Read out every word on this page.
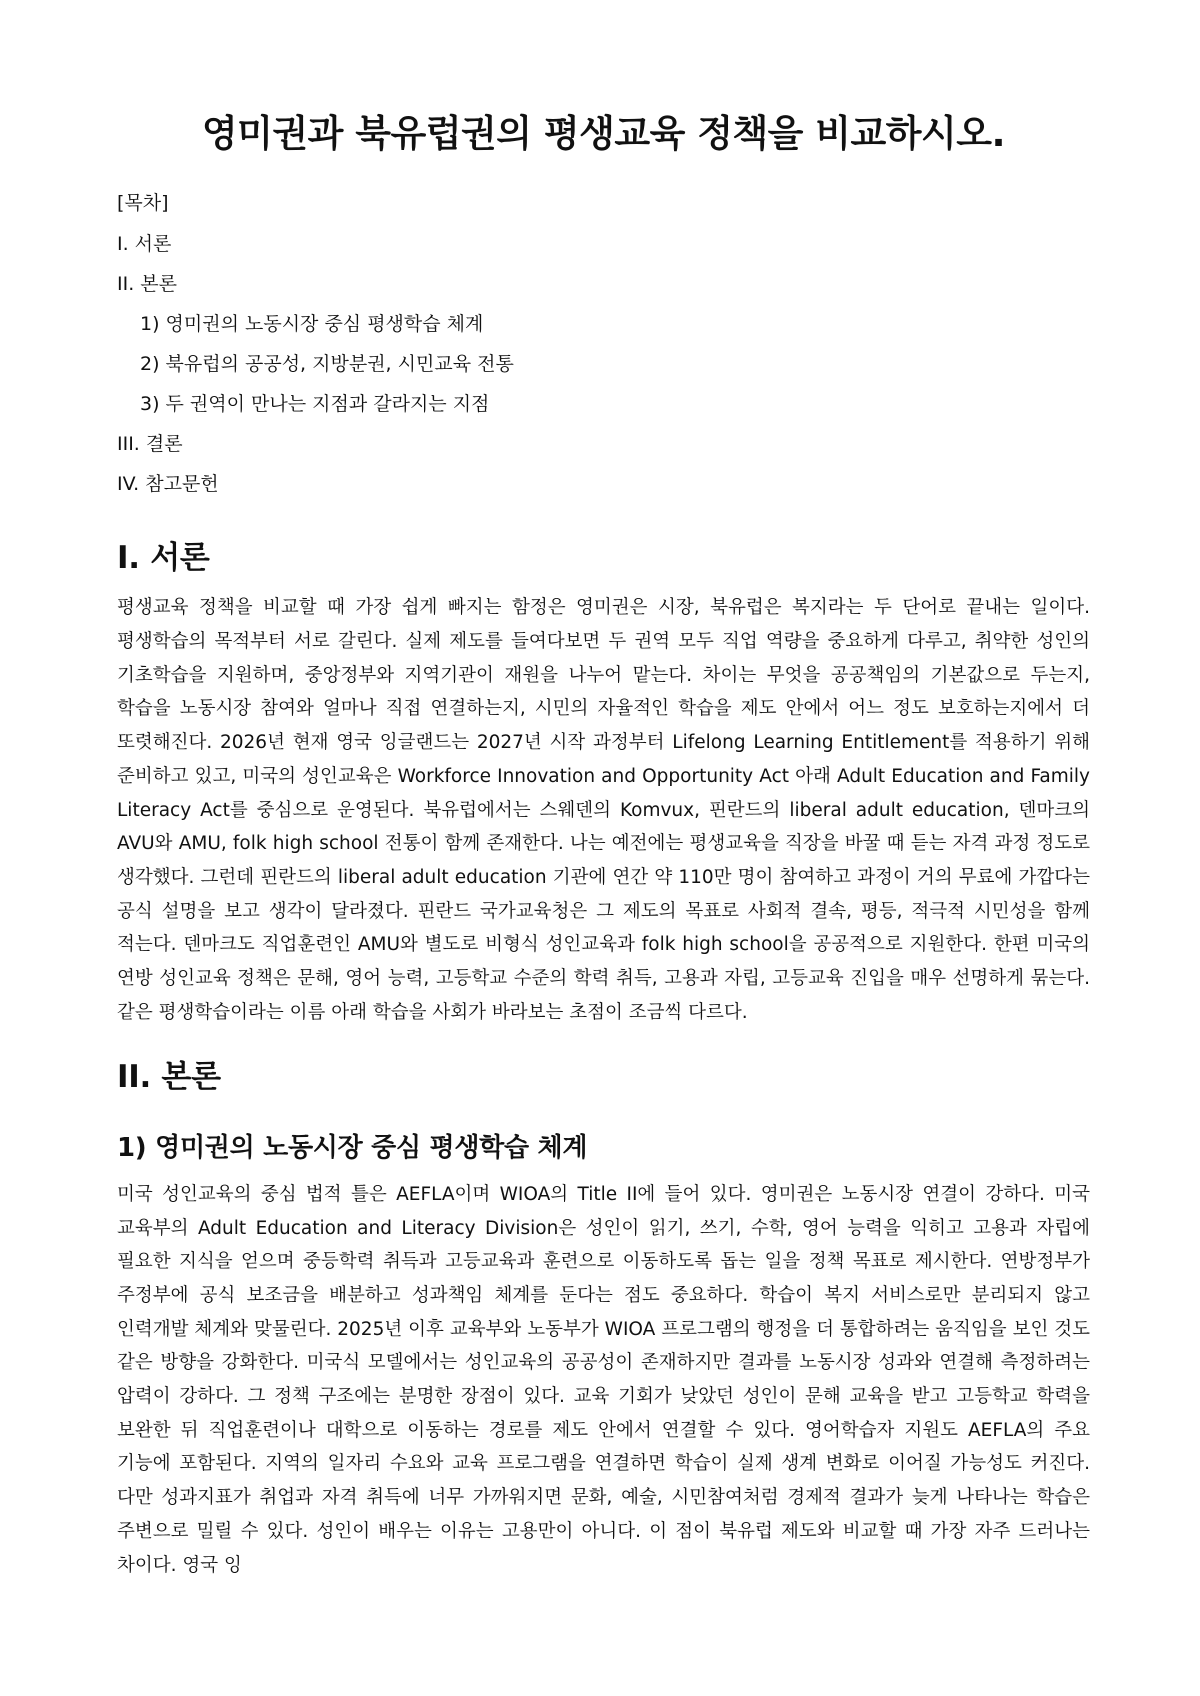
영미권과 북유럽권의 평생교육 정책을 비교하시오.
[목차]
I. 서론
II. 본론
1) 영미권의 노동시장 중심 평생학습 체계
2) 북유럽의 공공성, 지방분권, 시민교육 전통
3) 두 권역이 만나는 지점과 갈라지는 지점
III. 결론
IV. 참고문헌
I. 서론

평생교육 정책을 비교할 때 가장 쉽게 빠지는 함정은 영미권은 시장, 북유럽은 복지라는 두 단어로 끝내는 일이다. 평생학습의 목적부터 서로 갈린다. 실제 제도를 들여다보면 두 권역 모두 직업 역량을 중요하게 다루고, 취약한 성인의 기초학습을 지원하며, 중앙정부와 지역기관이 재원을 나누어 맡는다. 차이는 무엇을 공공책임의 기본값으로 두는지, 학습을 노동시장 참여와 얼마나 직접 연결하는지, 시민의 자율적인 학습을 제도 안에서 어느 정도 보호하는지에서 더 또렷해진다. 2026년 현재 영국 잉글랜드는 2027년 시작 과정부터 Lifelong Learning Entitlement를 적용하기 위해 준비하고 있고, 미국의 성인교육은 Workforce Innovation and Opportunity Act 아래 Adult Education and Family Literacy Act를 중심으로 운영된다. 북유럽에서는 스웨덴의 Komvux, 핀란드의 liberal adult education, 덴마크의 AVU와 AMU, folk high school 전통이 함께 존재한다. 나는 예전에는 평생교육을 직장을 바꿀 때 듣는 자격 과정 정도로 생각했다. 그런데 핀란드의 liberal adult education 기관에 연간 약 110만 명이 참여하고 과정이 거의 무료에 가깝다는 공식 설명을 보고 생각이 달라졌다. 핀란드 국가교육청은 그 제도의 목표로 사회적 결속, 평등, 적극적 시민성을 함께 적는다. 덴마크도 직업훈련인 AMU와 별도로 비형식 성인교육과 folk high school을 공공적으로 지원한다. 한편 미국의 연방 성인교육 정책은 문해, 영어 능력, 고등학교 수준의 학력 취득, 고용과 자립, 고등교육 진입을 매우 선명하게 묶는다. 같은 평생학습이라는 이름 아래 학습을 사회가 바라보는 초점이 조금씩 다르다.

II. 본론
1) 영미권의 노동시장 중심 평생학습 체계

미국 성인교육의 중심 법적 틀은 AEFLA이며 WIOA의 Title II에 들어 있다. 영미권은 노동시장 연결이 강하다. 미국 교육부의 Adult Education and Literacy Division은 성인이 읽기, 쓰기, 수학, 영어 능력을 익히고 고용과 자립에 필요한 지식을 얻으며 중등학력 취득과 고등교육과 훈련으로 이동하도록 돕는 일을 정책 목표로 제시한다. 연방정부가 주정부에 공식 보조금을 배분하고 성과책임 체계를 둔다는 점도 중요하다. 학습이 복지 서비스로만 분리되지 않고 인력개발 체계와 맞물린다. 2025년 이후 교육부와 노동부가 WIOA 프로그램의 행정을 더 통합하려는 움직임을 보인 것도 같은 방향을 강화한다. 미국식 모델에서는 성인교육의 공공성이 존재하지만 결과를 노동시장 성과와 연결해 측정하려는 압력이 강하다. 그 정책 구조에는 분명한 장점이 있다. 교육 기회가 낮았던 성인이 문해 교육을 받고 고등학교 학력을 보완한 뒤 직업훈련이나 대학으로 이동하는 경로를 제도 안에서 연결할 수 있다. 영어학습자 지원도 AEFLA의 주요 기능에 포함된다. 지역의 일자리 수요와 교육 프로그램을 연결하면 학습이 실제 생계 변화로 이어질 가능성도 커진다. 다만 성과지표가 취업과 자격 취득에 너무 가까워지면 문화, 예술, 시민참여처럼 경제적 결과가 늦게 나타나는 학습은 주변으로 밀릴 수 있다. 성인이 배우는 이유는 고용만이 아니다. 이 점이 북유럽 제도와 비교할 때 가장 자주 드러나는 차이다. 영국 잉
